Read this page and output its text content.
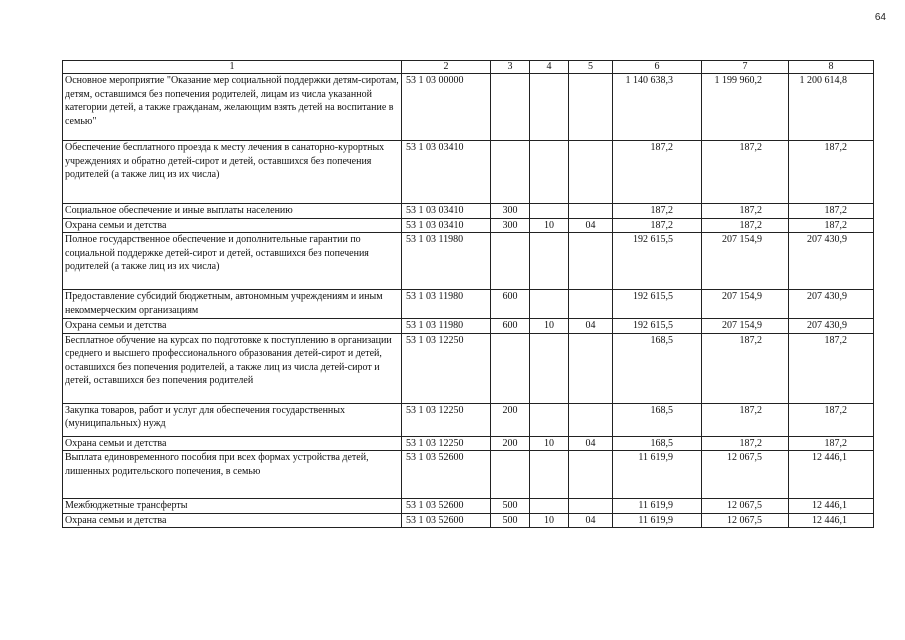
64
1	2	3	4	5	6	7	8
Основное мероприятие "Оказание мер социальной поддержки детям-сиротам, детям, оставшимся без попечения родителей, лицам из числа указанной категории детей, а также гражданам, желающим взять детей на воспитание в семью"	53 1 03 00000				1 140 638,3	1 199 960,2	1 200 614,8
Обеспечение бесплатного проезда к месту лечения в санаторно-курортных учреждениях и обратно детей-сирот и детей, оставшихся без попечения родителей (а также лиц из их числа)	53 1 03 03410				187,2	187,2	187,2
Социальное обеспечение и иные выплаты населению	53 1 03 03410	300			187,2	187,2	187,2
Охрана семьи и детства	53 1 03 03410	300	10	04	187,2	187,2	187,2
Полное государственное обеспечение и дополнительные гарантии по социальной поддержке детей-сирот и детей, оставшихся без попечения родителей (а также лиц из их числа)	53 1 03 11980				192 615,5	207 154,9	207 430,9
Предоставление субсидий бюджетным, автономным учреждениям и иным некоммерческим организациям	53 1 03 11980	600			192 615,5	207 154,9	207 430,9
Охрана семьи и детства	53 1 03 11980	600	10	04	192 615,5	207 154,9	207 430,9
Бесплатное обучение на курсах по подготовке к поступлению в организации среднего и высшего профессионального образования детей-сирот и детей, оставшихся без попечения родителей, а также лиц из числа детей-сирот и детей, оставшихся без попечения родителей	53 1 03 12250				168,5	187,2	187,2
Закупка товаров, работ и услуг для обеспечения государственных (муниципальных) нужд	53 1 03 12250	200			168,5	187,2	187,2
Охрана семьи и детства	53 1 03 12250	200	10	04	168,5	187,2	187,2
Выплата единовременного пособия при всех формах устройства детей, лишенных родительского попечения, в семью	53 1 03 52600				11 619,9	12 067,5	12 446,1
Межбюджетные трансферты	53 1 03 52600	500			11 619,9	12 067,5	12 446,1
Охрана семьи и детства	53 1 03 52600	500	10	04	11 619,9	12 067,5	12 446,1
